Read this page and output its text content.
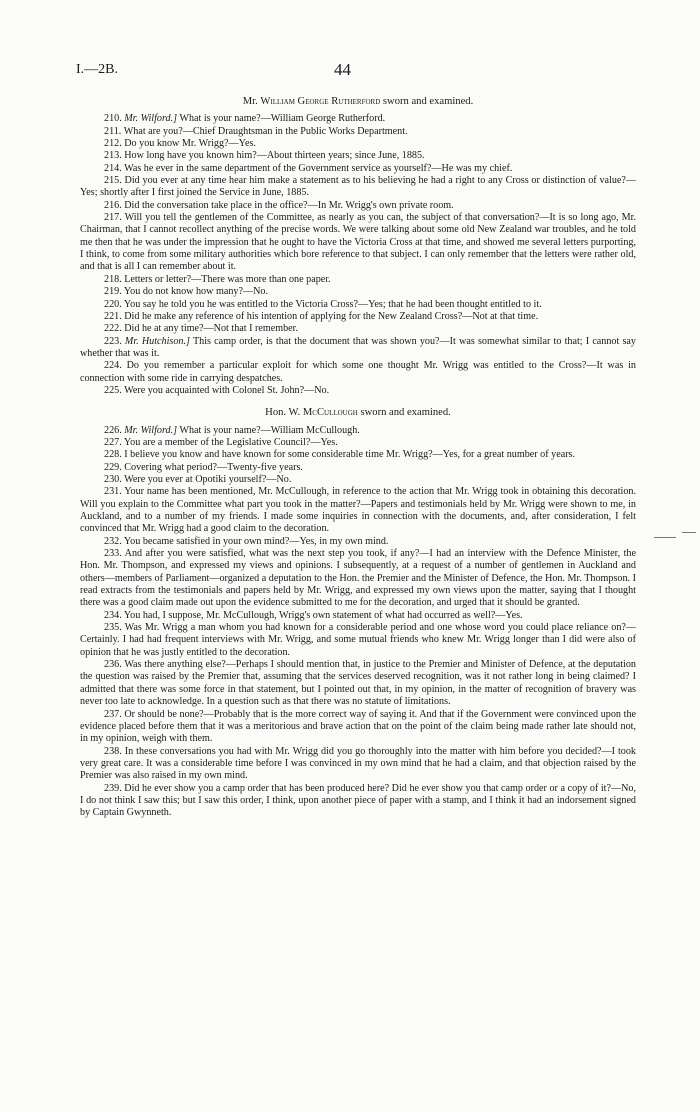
I.—2B.	44
Mr. William George Rutherford sworn and examined.

210. Mr. Wilford.] What is your name?—William George Rutherford.

211. What are you?—Chief Draughtsman in the Public Works Department.

212. Do you know Mr. Wrigg?—Yes.

213. How long have you known him?—About thirteen years; since June, 1885.

214. Was he ever in the same department of the Government service as yourself?—He was my chief.

215. Did you ever at any time hear him make a statement as to his believing he had a right to any Cross or distinction of value?—Yes; shortly after I first joined the Service in June, 1885.

216. Did the conversation take place in the office?—In Mr. Wrigg's own private room.

217. Will you tell the gentlemen of the Committee, as nearly as you can, the subject of that conversation?—It is so long ago, Mr. Chairman, that I cannot recollect anything of the precise words. We were talking about some old New Zealand war troubles, and he told me then that he was under the impression that he ought to have the Victoria Cross at that time, and showed me several letters purporting, I think, to come from some military authorities which bore reference to that subject. I can only remember that the letters were rather old, and that is all I can remember about it.

218. Letters or letter?—There was more than one paper.

219. You do not know how many?—No.

220. You say he told you he was entitled to the Victoria Cross?—Yes; that he had been thought entitled to it.

221. Did he make any reference of his intention of applying for the New Zealand Cross?—Not at that time.

222. Did he at any time?—Not that I remember.

223. Mr. Hutchison.] This camp order, is that the document that was shown you?—It was somewhat similar to that; I cannot say whether that was it.

224. Do you remember a particular exploit for which some one thought Mr. Wrigg was entitled to the Cross?—It was in connection with some ride in carrying despatches.

225. Were you acquainted with Colonel St. John?—No.

Hon. W. McCullough sworn and examined.

226. Mr. Wilford.] What is your name?—William McCullough.

227. You are a member of the Legislative Council?—Yes.

228. I believe you know and have known for some considerable time Mr. Wrigg?—Yes, for a great number of years.

229. Covering what period?—Twenty-five years.

230. Were you ever at Opotiki yourself?—No.

231. Your name has been mentioned, Mr. McCullough, in reference to the action that Mr. Wrigg took in obtaining this decoration. Will you explain to the Committee what part you took in the matter?—Papers and testimonials held by Mr. Wrigg were shown to me, in Auckland, and to a number of my friends. I made some inquiries in connection with the documents, and, after consideration, I felt convinced that Mr. Wrigg had a good claim to the decoration.

232. You became satisfied in your own mind?—Yes, in my own mind.

233. And after you were satisfied, what was the next step you took, if any?—I had an interview with the Defence Minister, the Hon. Mr. Thompson, and expressed my views and opinions. I subsequently, at a request of a number of gentlemen in Auckland and others—members of Parliament—organized a deputation to the Hon. the Premier and the Minister of Defence, the Hon. Mr. Thompson. I read extracts from the testimonials and papers held by Mr. Wrigg, and expressed my own views upon the matter, saying that I thought there was a good claim made out upon the evidence submitted to me for the decoration, and urged that it should be granted.

234. You had, I suppose, Mr. McCullough, Wrigg's own statement of what had occurred as well?—Yes.

235. Was Mr. Wrigg a man whom you had known for a considerable period and one whose word you could place reliance on?—Certainly. I had had frequent interviews with Mr. Wrigg, and some mutual friends who knew Mr. Wrigg longer than I did were also of opinion that he was justly entitled to the decoration.

236. Was there anything else?—Perhaps I should mention that, in justice to the Premier and Minister of Defence, at the deputation the question was raised by the Premier that, assuming that the services deserved recognition, was it not rather long in being claimed? I admitted that there was some force in that statement, but I pointed out that, in my opinion, in the matter of recognition of bravery was never too late to acknowledge. In a question such as that there was no statute of limitations.

237. Or should be none?—Probably that is the more correct way of saying it. And that if the Government were convinced upon the evidence placed before them that it was a meritorious and brave action that on the point of the claim being made rather late should not, in my opinion, weigh with them.

238. In these conversations you had with Mr. Wrigg did you go thoroughly into the matter with him before you decided?—I took very great care. It was a considerable time before I was convinced in my own mind that he had a claim, and that objection raised by the Premier was also raised in my own mind.

239. Did he ever show you a camp order that has been produced here? Did he ever show you that camp order or a copy of it?—No, I do not think I saw this; but I saw this order, I think, upon another piece of paper with a stamp, and I think it had an indorsement signed by Captain Gwynneth.
